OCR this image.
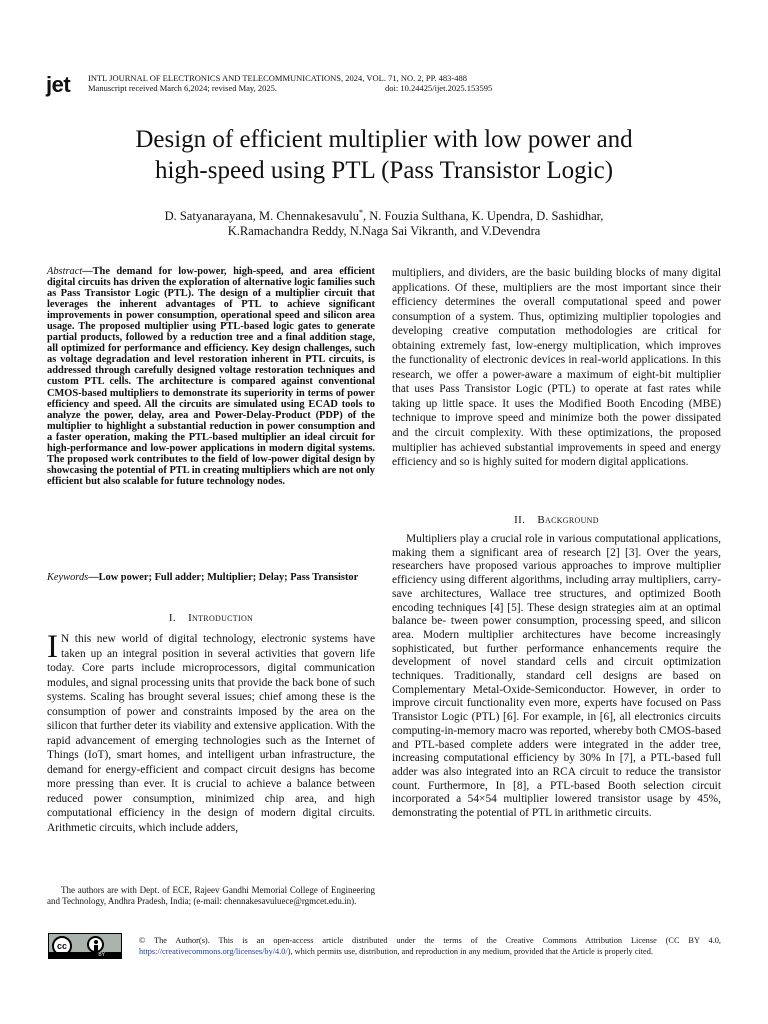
jet INTL JOURNAL OF ELECTRONICS AND TELECOMMUNICATIONS, 2024, VOL. 71, NO. 2, PP. 483-488
Manuscript received March 6,2024; revised May, 2025.	doi: 10.24425/ijet.2025.153595
Design of efficient multiplier with low power and
high-speed using PTL (Pass Transistor Logic)
D. Satyanarayana, M. Chennakesavulu*, N. Fouzia Sulthana, K. Upendra, D. Sashidhar,
K.Ramachandra Reddy, N.Naga Sai Vikranth, and V.Devendra
Abstract—The demand for low-power, high-speed, and area efficient digital circuits has driven the exploration of alternative logic families such as Pass Transistor Logic (PTL). The design of a multiplier circuit that leverages the inherent advantages of PTL to achieve significant improvements in power consumption, operational speed and silicon area usage. The proposed multiplier using PTL-based logic gates to generate partial products, followed by a reduction tree and a final addition stage, all optimized for performance and efficiency. Key design challenges, such as voltage degradation and level restoration inherent in PTL circuits, is addressed through carefully designed voltage restoration techniques and custom PTL cells. The architecture is compared against conventional CMOS-based multipliers to demonstrate its superiority in terms of power efficiency and speed. All the circuits are simulated using ECAD tools to analyze the power, delay, area and Power-Delay-Product (PDP) of the multiplier to highlight a substantial reduction in power consumption and a faster operation, making the PTL-based multiplier an ideal circuit for high-performance and low-power applications in modern digital systems. The proposed work contributes to the field of low-power digital design by showcasing the potential of PTL in creating multipliers which are not only efficient but also scalable for future technology nodes.
Keywords—Low power; Full adder; Multiplier; Delay; Pass Transistor
I. Introduction
I N this new world of digital technology, electronic systems have taken up an integral position in several activities that govern life today. Core parts include microprocessors, digital communication modules, and signal processing units that provide the back bone of such systems. Scaling has brought several issues; chief among these is the consumption of power and constraints imposed by the area on the silicon that further deter its viability and extensive application. With the rapid advancement of emerging technologies such as the Internet of Things (IoT), smart homes, and intelligent urban infrastructure, the demand for energy-efficient and compact circuit designs has become more pressing than ever. It is crucial to achieve a balance between reduced power consumption, minimized chip area, and high computational efficiency in the design of modern digital circuits. Arithmetic circuits, which include adders,
multipliers, and dividers, are the basic building blocks of many digital applications. Of these, multipliers are the most important since their efficiency determines the overall computational speed and power consumption of a system. Thus, optimizing multiplier topologies and developing creative computation methodologies are critical for obtaining extremely fast, low-energy multiplication, which improves the functionality of electronic devices in real-world applications. In this research, we offer a power-aware a maximum of eight-bit multiplier that uses Pass Transistor Logic (PTL) to operate at fast rates while taking up little space. It uses the Modified Booth Encoding (MBE) technique to improve speed and minimize both the power dissipated and the circuit complexity. With these optimizations, the proposed multiplier has achieved substantial improvements in speed and energy efficiency and so is highly suited for modern digital applications.
II. Background
Multipliers play a crucial role in various computational applications, making them a significant area of research [2] [3]. Over the years, researchers have proposed various approaches to improve multiplier efficiency using different algorithms, including array multipliers, carry-save architectures, Wallace tree structures, and optimized Booth encoding techniques [4] [5]. These design strategies aim at an optimal balance be- tween power consumption, processing speed, and silicon area. Modern multiplier architectures have become increasingly sophisticated, but further performance enhancements require the development of novel standard cells and circuit optimization techniques. Traditionally, standard cell designs are based on Complementary Metal-Oxide-Semiconductor. However, in order to improve circuit functionality even more, experts have focused on Pass Transistor Logic (PTL) [6]. For example, in [6], all electronics circuits computing-in-memory macro was reported, whereby both CMOS-based and PTL-based complete adders were integrated in the adder tree, increasing computational efficiency by 30% In [7], a PTL-based full adder was also integrated into an RCA circuit to reduce the transistor count. Furthermore, In [8], a PTL-based Booth selection circuit incorporated a 54×54 multiplier lowered transistor usage by 45%, demonstrating the potential of PTL in arithmetic circuits.
The authors are with Dept. of ECE, Rajeev Gandhi Memorial College of Engineering and Technology, Andhra Pradesh, India; (e-mail: chennakesavuluece@rgmcet.edu.in).
cc
BY
© The Author(s). This is an open-access article distributed under the terms of the Creative Commons Attribution License (CC BY 4.0, https://creativecommons.org/licenses/by/4.0/), which permits use, distribution, and reproduction in any medium, provided that the Article is properly cited.
